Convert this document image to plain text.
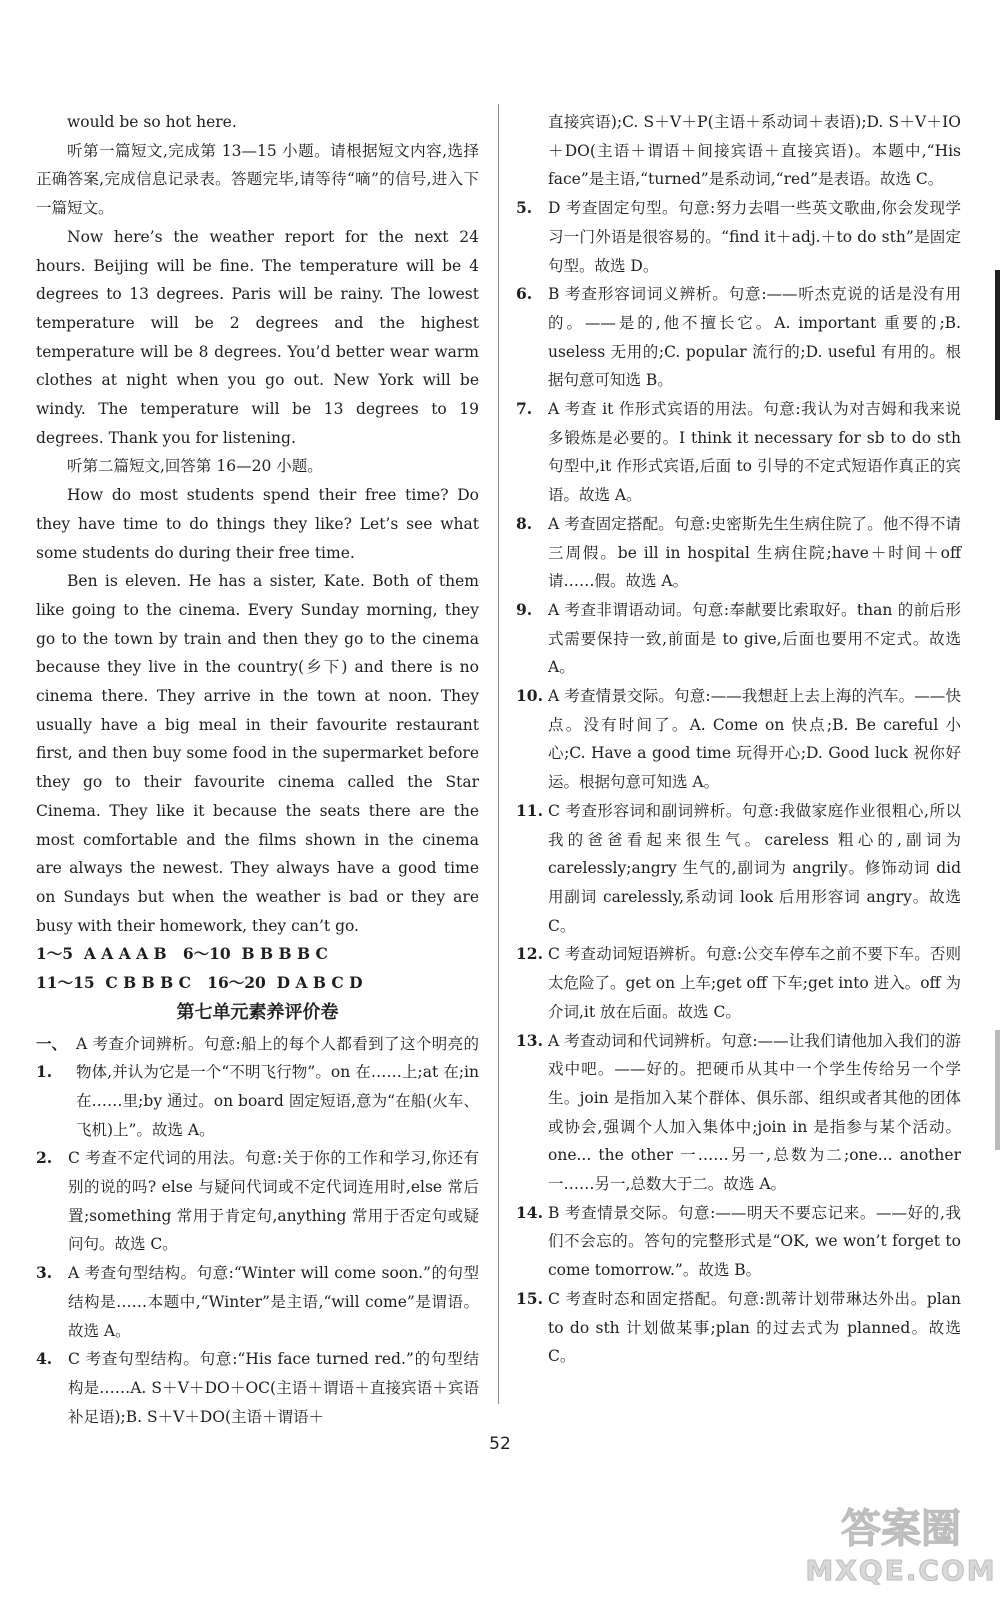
would be so hot here.

听第一篇短文,完成第 13—15 小题。请根据短文内容,选择正确答案,完成信息记录表。答题完毕,请等待“嘀”的信号,进入下一篇短文。

Now here’s the weather report for the next 24 hours. Beijing will be fine. The temperature will be 4 degrees to 13 degrees. Paris will be rainy. The lowest temperature will be 2 degrees and the highest temperature will be 8 degrees. You’d better wear warm clothes at night when you go out. New York will be windy. The temperature will be 13 degrees to 19 degrees. Thank you for listening.

听第二篇短文,回答第 16—20 小题。

How do most students spend their free time? Do they have time to do things they like? Let’s see what some students do during their free time.

Ben is eleven. He has a sister, Kate. Both of them like going to the cinema. Every Sunday morning, they go to the town by train and then they go to the cinema because they live in the country(乡下) and there is no cinema there. They arrive in the town at noon. They usually have a big meal in their favourite restaurant first, and then buy some food in the supermarket before they go to their favourite cinema called the Star Cinema. They like it because the seats there are the most comfortable and the films shown in the cinema are always the newest. They always have a good time on Sundays but when the weather is bad or they are busy with their homework, they can’t go.

1～5  A A A A B   6～10  B B B B C

11～15  C B B B C   16～20  D A B C D

第七单元素养评价卷
一、1.
A 考查介词辨析。句意:船上的每个人都看到了这个明亮的物体,并认为它是一个“不明飞行物”。on 在……上;at 在;in 在……里;by 通过。on board 固定短语,意为“在船(火车、飞机)上”。故选 A。
2.	C 考查不定代词的用法。句意:关于你的工作和学习,你还有别的说的吗? else 与疑问代词或不定代词连用时,else 常后置;something 常用于肯定句,anything 常用于否定句或疑问句。故选 C。
3.	A 考查句型结构。句意:“Winter will come soon.”的句型结构是……本题中,“Winter”是主语,“will come”是谓语。故选 A。
4.	C 考查句型结构。句意:“His face turned red.”的句型结构是……A. S＋V＋DO＋OC(主语＋谓语＋直接宾语＋宾语补足语);B. S＋V＋DO(主语＋谓语＋

直接宾语);C. S＋V＋P(主语＋系动词＋表语);D. S＋V＋IO＋DO(主语＋谓语＋间接宾语＋直接宾语)。本题中,“His face”是主语,“turned”是系动词,“red”是表语。故选 C。

5.	D 考查固定句型。句意:努力去唱一些英文歌曲,你会发现学习一门外语是很容易的。“find it＋adj.＋to do sth”是固定句型。故选 D。
6.	B 考查形容词词义辨析。句意:——听杰克说的话是没有用的。——是的,他不擅长它。A. important 重要的;B. useless 无用的;C. popular 流行的;D. useful 有用的。根据句意可知选 B。
7.	A 考查 it 作形式宾语的用法。句意:我认为对吉姆和我来说多锻炼是必要的。I think it necessary for sb to do sth 句型中,it 作形式宾语,后面 to 引导的不定式短语作真正的宾语。故选 A。
8.	A 考查固定搭配。句意:史密斯先生生病住院了。他不得不请三周假。be ill in hospital 生病住院;have＋时间＋off 请……假。故选 A。
9.	A 考查非谓语动词。句意:奉献要比索取好。than 的前后形式需要保持一致,前面是 to give,后面也要用不定式。故选 A。
10. A 考查情景交际。句意:——我想赶上去上海的汽车。——快点。没有时间了。A. Come on 快点;B. Be careful 小心;C. Have a good time 玩得开心;D. Good luck 祝你好运。根据句意可知选 A。
11. C 考查形容词和副词辨析。句意:我做家庭作业很粗心,所以我的爸爸看起来很生气。careless 粗心的,副词为 carelessly;angry 生气的,副词为 angrily。修饰动词 did 用副词 carelessly,系动词 look 后用形容词 angry。故选 C。
12. C 考查动词短语辨析。句意:公交车停车之前不要下车。否则太危险了。get on 上车;get off 下车;get into 进入。off 为介词,it 放在后面。故选 C。
13. A 考查动词和代词辨析。句意:——让我们请他加入我们的游戏中吧。——好的。把硬币从其中一个学生传给另一个学生。join 是指加入某个群体、俱乐部、组织或者其他的团体或协会,强调个人加入集体中;join in 是指参与某个活动。one... the other 一……另一,总数为二;one... another 一……另一,总数大于二。故选 A。
14. B 考查情景交际。句意:——明天不要忘记来。——好的,我们不会忘的。答句的完整形式是“OK, we won’t forget to come tomorrow.”。故选 B。
15. C 考查时态和固定搭配。句意:凯蒂计划带琳达外出。plan to do sth 计划做某事;plan 的过去式为 planned。故选 C。
52
答案圈
MXQE.COM
